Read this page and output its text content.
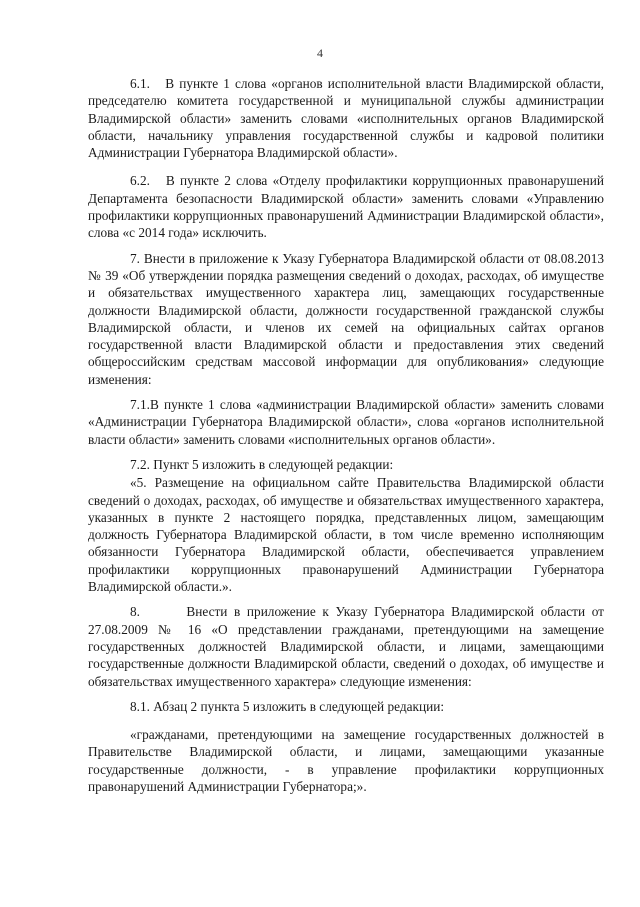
4

6.1.   В пункте 1 слова «органов исполнительной власти Владимирской области, председателю комитета государственной и муниципальной службы администрации Владимирской области» заменить словами «исполнительных органов Владимирской области, начальнику управления государственной службы и кадровой политики Администрации Губернатора Владимирской области».

6.2.   В пункте 2 слова «Отделу профилактики коррупционных правонарушений Департамента безопасности Владимирской области» заменить словами «Управлению профилактики коррупционных правонарушений Администрации Владимирской области», слова «с 2014 года» исключить.

7. Внести в приложение к Указу Губернатора Владимирской области от 08.08.2013 № 39 «Об утверждении порядка размещения сведений о доходах, расходах, об имуществе и обязательствах имущественного характера лиц, замещающих государственные должности Владимирской области, должности государственной гражданской службы Владимирской области, и членов их семей на официальных сайтах органов государственной власти Владимирской области и предоставления этих сведений общероссийским средствам массовой информации для опубликования» следующие изменения:

7.1.В пункте 1 слова «администрации Владимирской области» заменить словами «Администрации Губернатора Владимирской области», слова «органов исполнительной власти области» заменить словами «исполнительных органов области».

7.2. Пункт 5 изложить в следующей редакции:

«5. Размещение на официальном сайте Правительства Владимирской области сведений о доходах, расходах, об имуществе и обязательствах имущественного характера, указанных в пункте 2 настоящего порядка, представленных лицом, замещающим должность Губернатора Владимирской области, в том числе временно исполняющим обязанности Губернатора Владимирской области, обеспечивается управлением профилактики коррупционных правонарушений Администрации Губернатора Владимирской области.».

8.       Внести в приложение к Указу Губернатора Владимирской области от 27.08.2009 № 16 «О представлении гражданами, претендующими на замещение государственных должностей Владимирской области, и лицами, замещающими государственные должности Владимирской области, сведений о доходах, об имуществе и обязательствах имущественного характера» следующие изменения:

8.1. Абзац 2 пункта 5 изложить в следующей редакции:

«гражданами, претендующими на замещение государственных должностей в Правительстве Владимирской области, и лицами, замещающими указанные государственные должности, - в управление профилактики коррупционных правонарушений Администрации Губернатора;».
